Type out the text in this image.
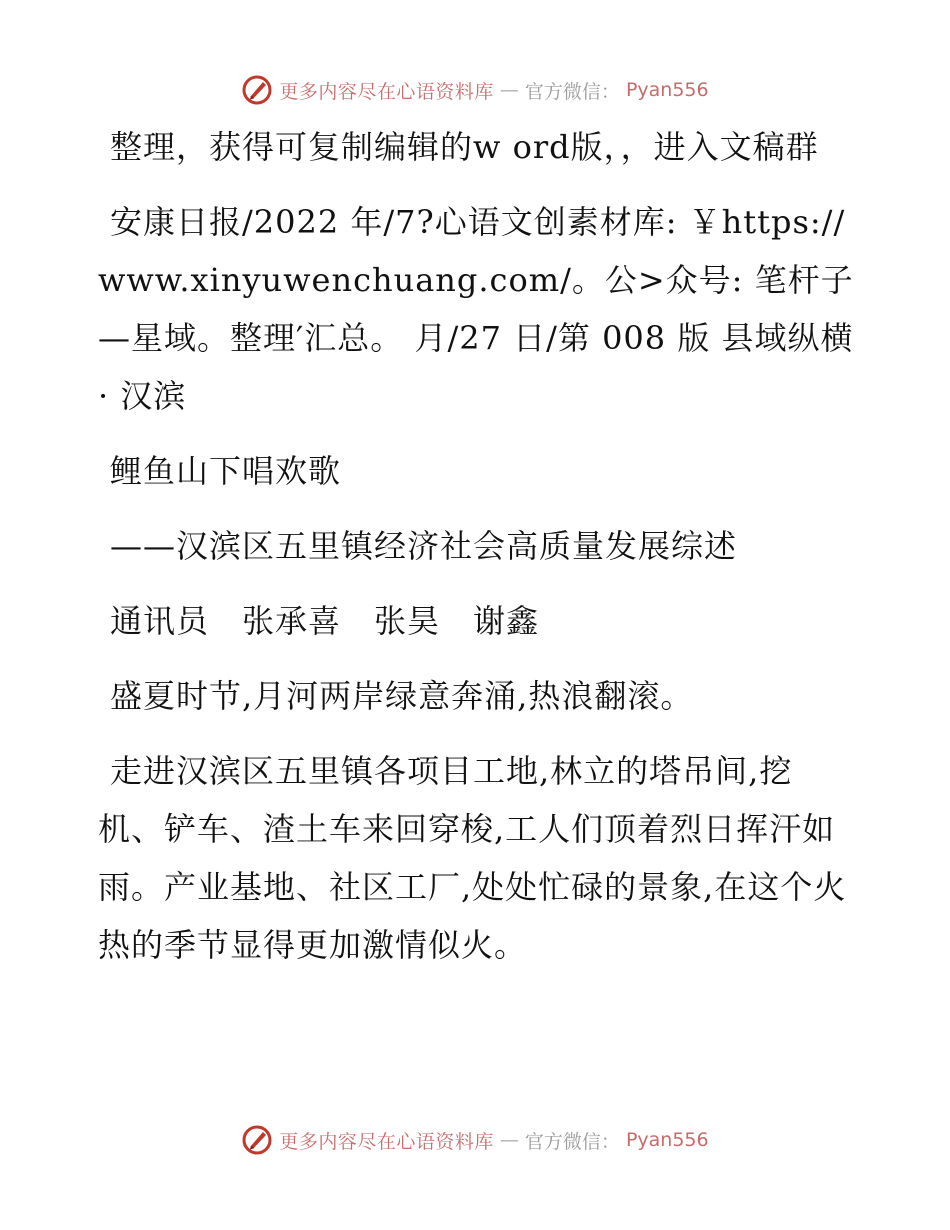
更多内容尽在心语资料库 — 官方微信： Pyan556

整理，获得可复制编辑的w ord版，，进入文稿群

安康日报/2022 年/7?心语文创素材库: ￥https://www.xinyuwenchuang.com/。公>众号: 笔杆子—星域。整理′汇总。 月/27 日/第 008 版 县域纵横· 汉滨

鲤鱼山下唱欢歌

——汉滨区五里镇经济社会高质量发展综述

通讯员　张承喜　张昊　谢鑫

盛夏时节,月河两岸绿意奔涌,热浪翻滚。

走进汉滨区五里镇各项目工地,林立的塔吊间,挖机、铲车、渣土车来回穿梭,工人们顶着烈日挥汗如雨。产业基地、社区工厂,处处忙碌的景象,在这个火热的季节显得更加激情似火。

更多内容尽在心语资料库 — 官方微信： Pyan556
